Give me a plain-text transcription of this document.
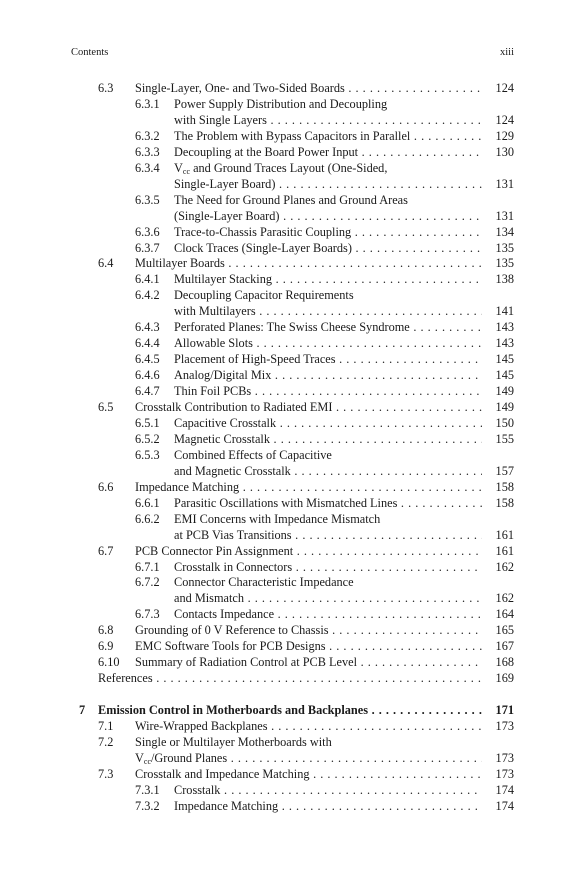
Contents	xiii
6.3 Single-Layer, One- and Two-Sided Boards . . .	124
6.3.1 Power Supply Distribution and Decoupling
with Single Layers . . .	124
6.3.2 The Problem with Bypass Capacitors in Parallel . . .	129
6.3.3 Decoupling at the Board Power Input . . .	130
6.3.4 $V_{cc}$ and Ground Traces Layout (One-Sided,
Single-Layer Board) . . .	131
6.3.5 The Need for Ground Planes and Ground Areas
(Single-Layer Board) . . .	131
6.3.6 Trace-to-Chassis Parasitic Coupling . . .	134
6.3.7 Clock Traces (Single-Layer Boards) . . .	135
6.4 Multilayer Boards . . .	135
6.4.1 Multilayer Stacking . . .	138
6.4.2 Decoupling Capacitor Requirements
with Multilayers . . .	141
6.4.3 Perforated Planes: The Swiss Cheese Syndrome . . .	143
6.4.4 Allowable Slots . . .	143
6.4.5 Placement of High-Speed Traces . . .	145
6.4.6 Analog/Digital Mix . . .	145
6.4.7 Thin Foil PCBs . . .	149
6.5 Crosstalk Contribution to Radiated EMI . . .	149
6.5.1 Capacitive Crosstalk . . .	150
6.5.2 Magnetic Crosstalk . . .	155
6.5.3 Combined Effects of Capacitive
and Magnetic Crosstalk . . .	157
6.6 Impedance Matching . . .	158
6.6.1 Parasitic Oscillations with Mismatched Lines . . .	158
6.6.2 EMI Concerns with Impedance Mismatch
at PCB Vias Transitions . . .	161
6.7 PCB Connector Pin Assignment . . .	161
6.7.1 Crosstalk in Connectors . . .	162
6.7.2 Connector Characteristic Impedance
and Mismatch . . .	162
6.7.3 Contacts Impedance . . .	164
6.8 Grounding of 0 V Reference to Chassis . . .	165
6.9 EMC Software Tools for PCB Designs . . .	167
6.10 Summary of Radiation Control at PCB Level . . .	168
References . . .	169
7 Emission Control in Motherboards and Backplanes . . .	171
7.1 Wire-Wrapped Backplanes . . .	173
7.2 Single or Multilayer Motherboards with
$V_{cc}$/Ground Planes . . .	173
7.3 Crosstalk and Impedance Matching . . .	173
7.3.1 Crosstalk . . .	174
7.3.2 Impedance Matching . . .	174
